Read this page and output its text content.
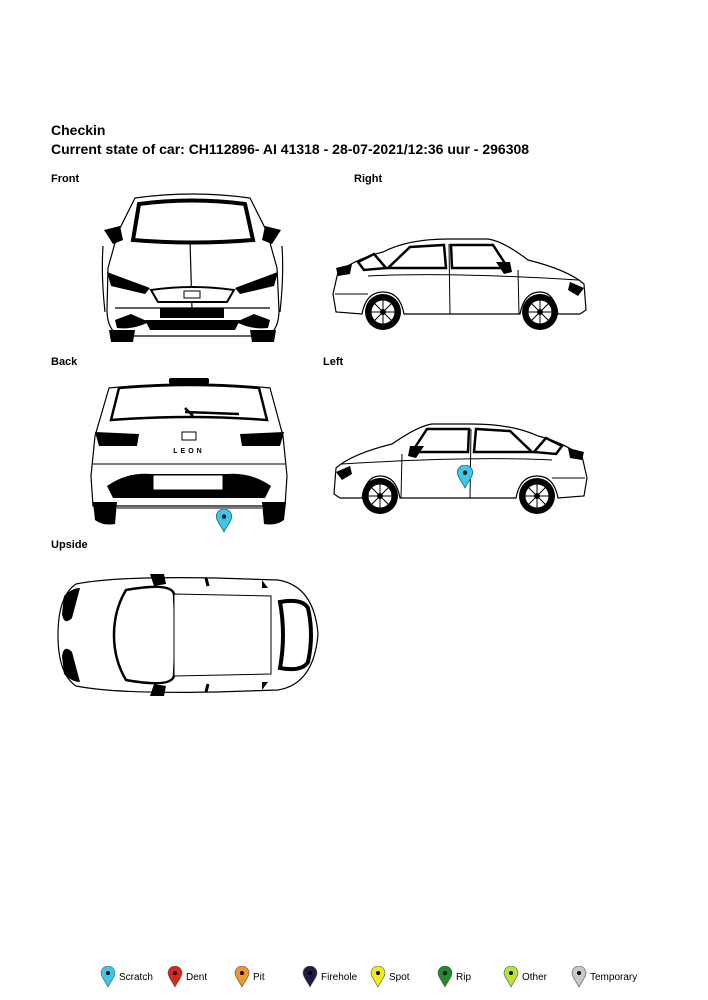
Checkin
Current state of car: CH112896- AI 41318 - 28-07-2021/12:36 uur - 296308
Front	Right
Back	Left
Upside
LEON
Scratch	Dent	Pit	Firehole	Spot	Rip	Other	Temporary
